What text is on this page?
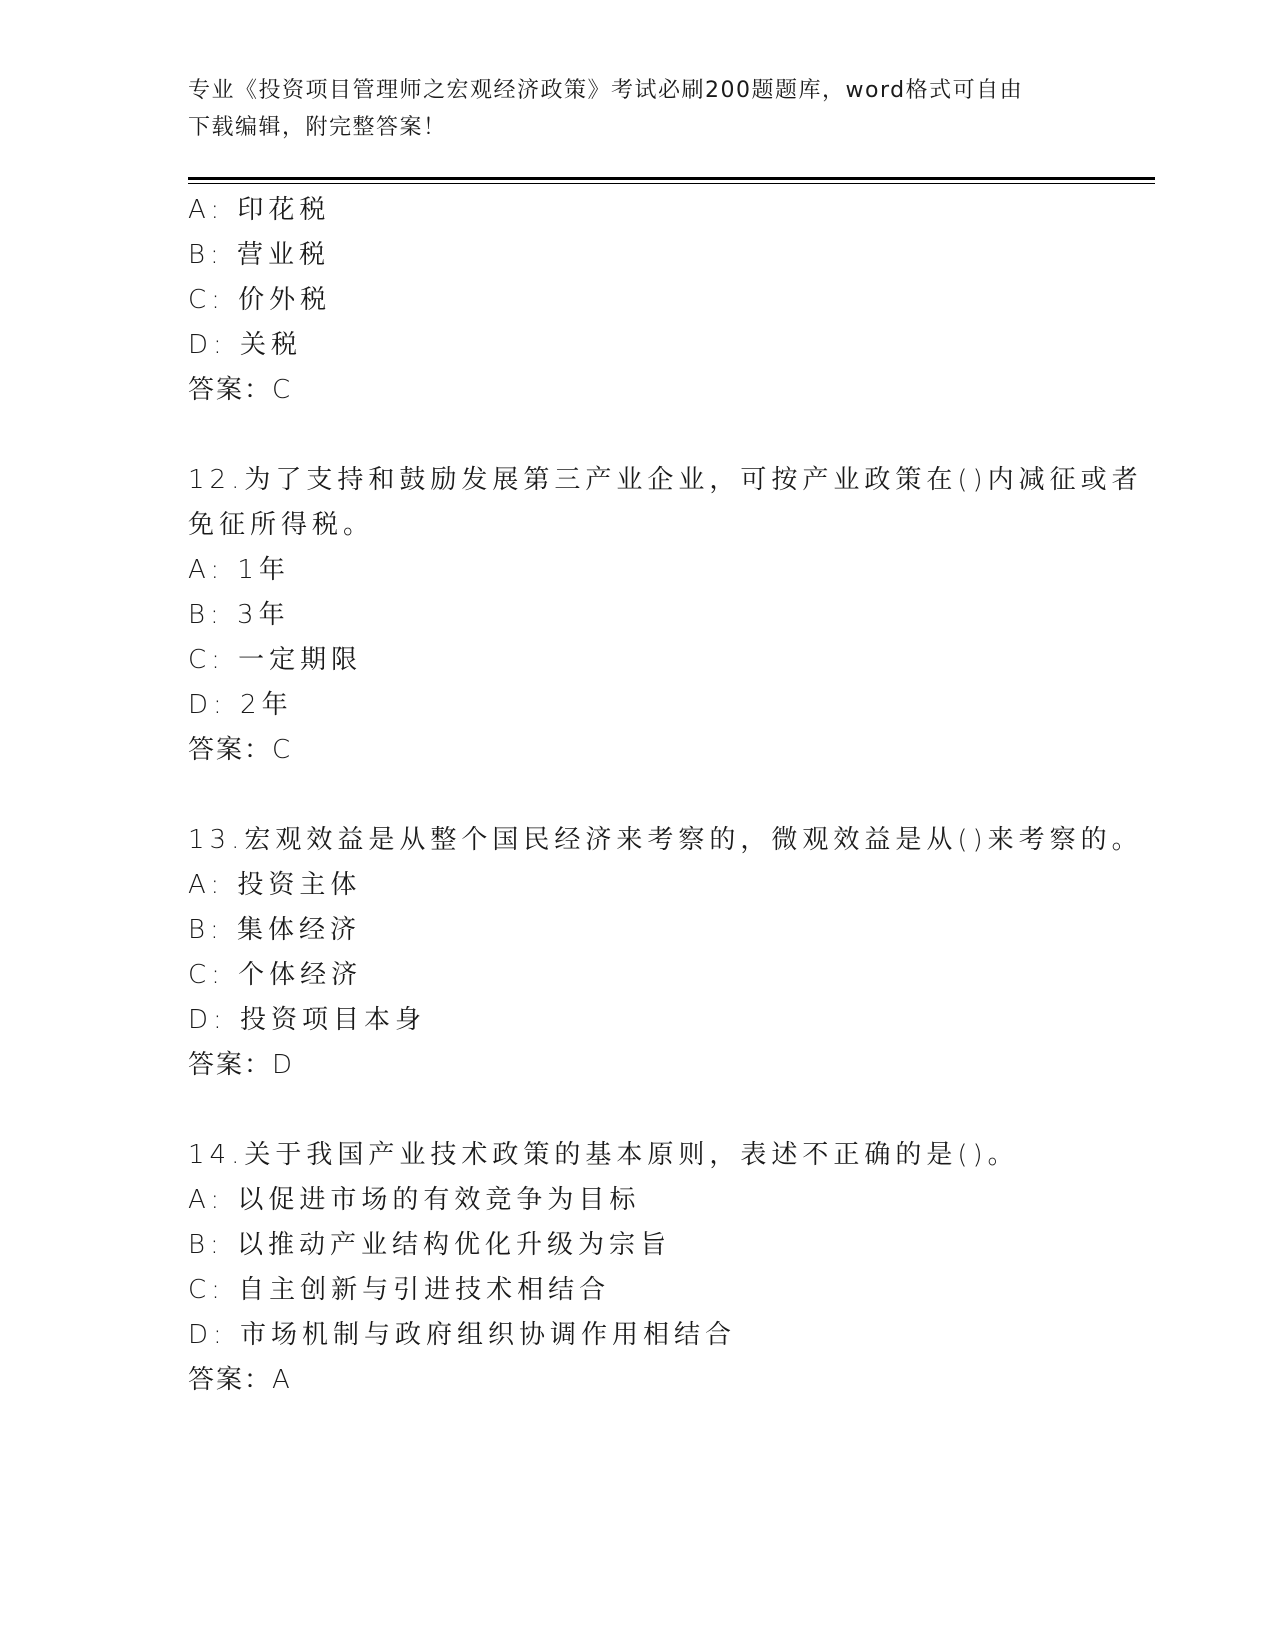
专业《投资项目管理师之宏观经济政策》考试必刷200题题库，word格式可自由
下载编辑，附完整答案！
A: 印花税
B: 营业税
C: 价外税
D: 关税
答案：C
12.为了支持和鼓励发展第三产业企业，可按产业政策在()内减征或者
免征所得税。
A: 1年
B: 3年
C: 一定期限
D: 2年
答案：C
13.宏观效益是从整个国民经济来考察的，微观效益是从()来考察的。
A: 投资主体
B: 集体经济
C: 个体经济
D: 投资项目本身
答案：D
14.关于我国产业技术政策的基本原则，表述不正确的是()。
A: 以促进市场的有效竞争为目标
B: 以推动产业结构优化升级为宗旨
C: 自主创新与引进技术相结合
D: 市场机制与政府组织协调作用相结合
答案：A
